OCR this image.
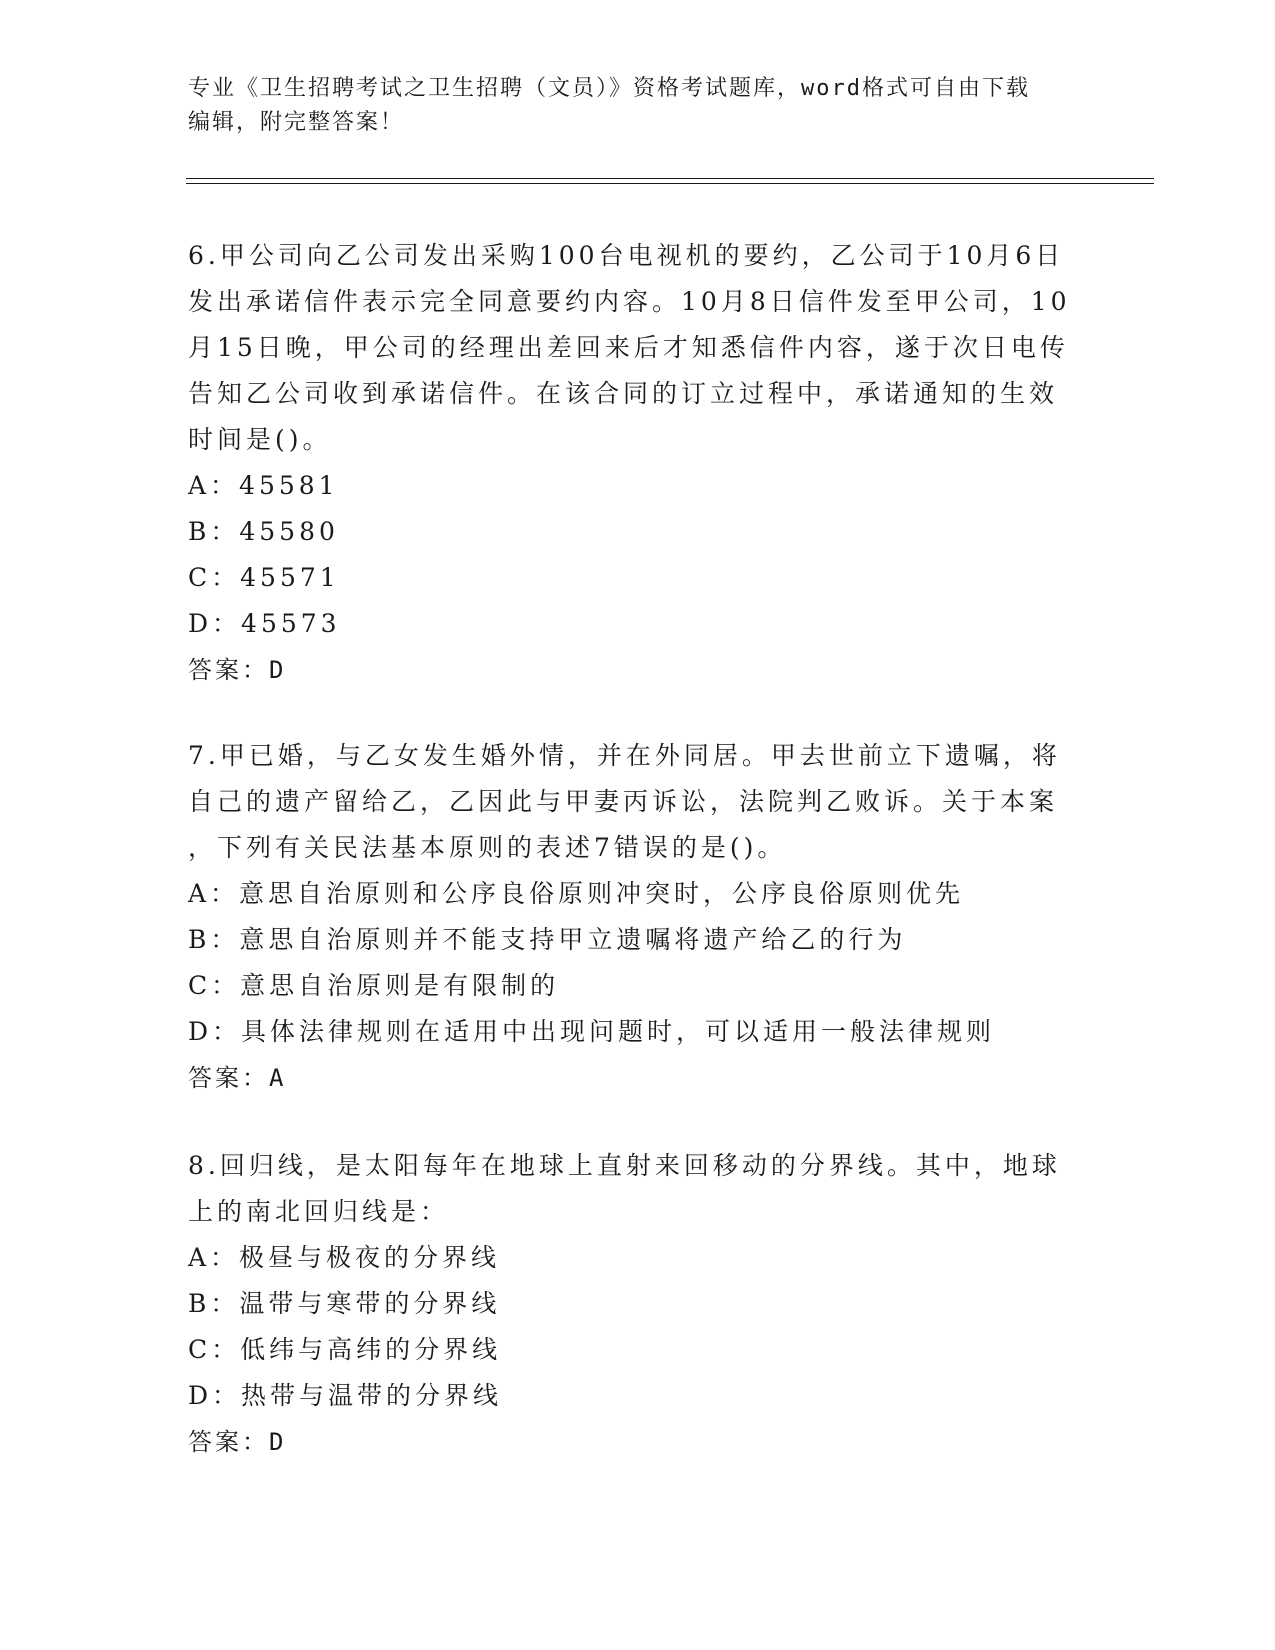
专业《卫生招聘考试之卫生招聘（文员）》资格考试题库，word格式可自由下载
编辑，附完整答案！
6.甲公司向乙公司发出采购100台电视机的要约，乙公司于10月6日
发出承诺信件表示完全同意要约内容。10月8日信件发至甲公司，10
月15日晚，甲公司的经理出差回来后才知悉信件内容，遂于次日电传
告知乙公司收到承诺信件。在该合同的订立过程中，承诺通知的生效
时间是()。
A：45581
B：45580
C：45571
D：45573
答案：D
7.甲已婚，与乙女发生婚外情，并在外同居。甲去世前立下遗嘱，将
自己的遗产留给乙，乙因此与甲妻丙诉讼，法院判乙败诉。关于本案
，下列有关民法基本原则的表述7错误的是()。
A：意思自治原则和公序良俗原则冲突时，公序良俗原则优先
B：意思自治原则并不能支持甲立遗嘱将遗产给乙的行为
C：意思自治原则是有限制的
D：具体法律规则在适用中出现问题时，可以适用一般法律规则
答案：A
8.回归线，是太阳每年在地球上直射来回移动的分界线。其中，地球
上的南北回归线是：
A：极昼与极夜的分界线
B：温带与寒带的分界线
C：低纬与高纬的分界线
D：热带与温带的分界线
答案：D
